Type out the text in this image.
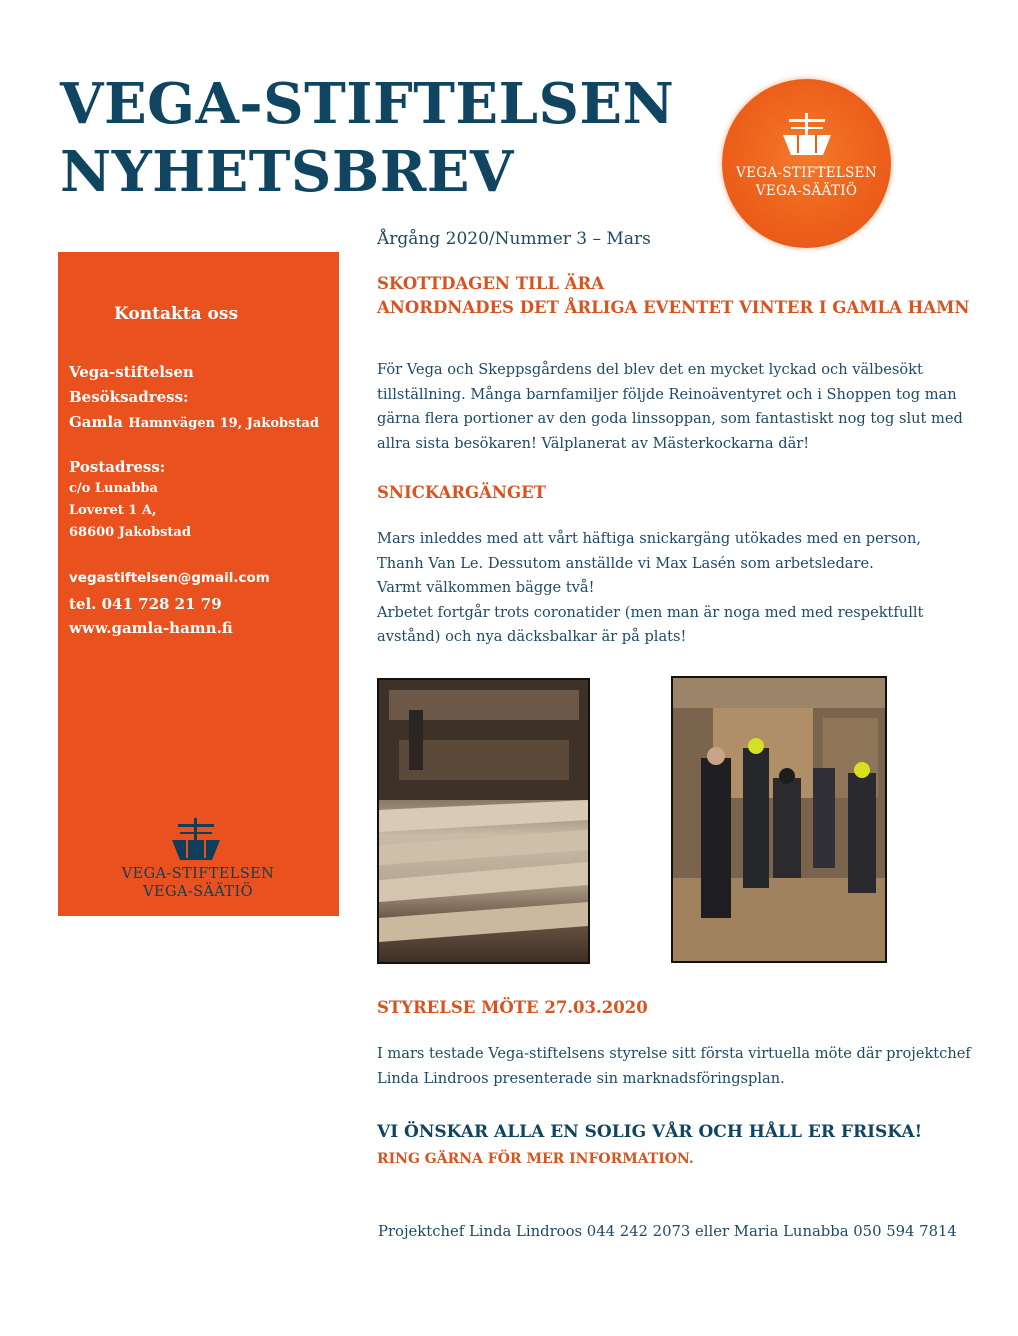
VEGA-STIFTELSEN
NYHETSBREV	VEGA-STIFTELSEN
VEGA-SÄÄTIÖ
Årgång 2020/Nummer 3 – Mars
Kontakta oss
Vega-stiftelsen
Besöksadress:
Gamla Hamnvägen 19, Jakobstad
Postadress:
c/o Lunabba
Loveret 1 A,
68600 Jakobstad
vegastiftelsen@gmail.com
tel. 041 728 21 79
www.gamla-hamn.fi
VEGA-STIFTELSEN
VEGA-SÄÄTIÖ
SKOTTDAGEN TILL ÄRA
ANORDNADES DET ÅRLIGA EVENTET VINTER I GAMLA HAMN

För Vega och Skeppsgårdens del blev det en mycket lyckad och välbesökt
tillställning. Många barnfamiljer följde Reinoäventyret och i Shoppen tog man
gärna flera portioner av den goda linssoppan, som fantastiskt nog tog slut med
allra sista besökaren! Välplanerat av Mästerkockarna där!

SNICKARGÄNGET

Mars inleddes med att vårt häftiga snickargäng utökades med en person,
Thanh Van Le. Dessutom anställde vi Max Lasén som arbetsledare.
Varmt välkommen bägge två!
Arbetet fortgår trots coronatider (men man är noga med med respektfullt
avstånd) och nya däcksbalkar är på plats!

STYRELSE MÖTE 27.03.2020

I mars testade Vega-stiftelsens styrelse sitt första virtuella möte där projektchef
Linda Lindroos presenterade sin marknadsföringsplan.

VI ÖNSKAR ALLA EN SOLIG VÅR OCH HÅLL ER FRISKA!
RING GÄRNA FÖR MER INFORMATION.
Projektchef Linda Lindroos 044 242 2073 eller Maria Lunabba 050 594 7814
